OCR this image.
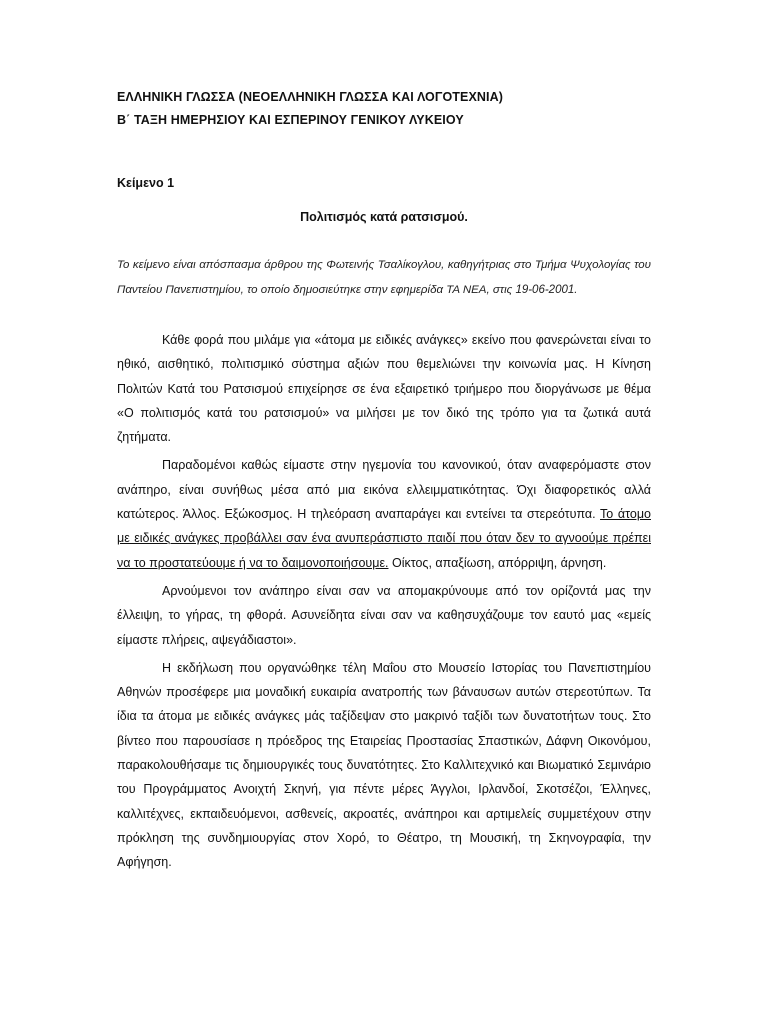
ΕΛΛΗΝΙΚΗ ΓΛΩΣΣΑ (ΝΕΟΕΛΛΗΝΙΚΗ ΓΛΩΣΣΑ ΚΑΙ ΛΟΓΟΤΕΧΝΙΑ)
Β΄ ΤΑΞΗ ΗΜΕΡΗΣΙΟΥ ΚΑΙ ΕΣΠΕΡΙΝΟΥ ΓΕΝΙΚΟΥ ΛΥΚΕΙΟΥ
Κείμενο 1
Πολιτισμός κατά ρατσισμού.

Το κείμενο είναι απόσπασμα άρθρου της Φωτεινής Τσαλίκογλου, καθηγήτριας στο Τμήμα Ψυχολογίας του Παντείου Πανεπιστημίου, το οποίο δημοσιεύτηκε στην εφημερίδα ΤΑ ΝΕΑ, στις 19-06-2001.

Κάθε φορά που μιλάμε για «άτομα με ειδικές ανάγκες» εκείνο που φανερώνεται είναι το ηθικό, αισθητικό, πολιτισμικό σύστημα αξιών που θεμελιώνει την κοινωνία μας. Η Κίνηση Πολιτών Κατά του Ρατσισμού επιχείρησε σε ένα εξαιρετικό τριήμερο που διοργάνωσε με θέμα «Ο πολιτισμός κατά του ρατσισμού» να μιλήσει με τον δικό της τρόπο για τα ζωτικά αυτά ζητήματα.

Παραδομένοι καθώς είμαστε στην ηγεμονία του κανονικού, όταν αναφερόμαστε στον ανάπηρο, είναι συνήθως μέσα από μια εικόνα ελλειμματικότητας. Όχι διαφορετικός αλλά κατώτερος. Άλλος. Εξώκοσμος. Η τηλεόραση αναπαράγει και εντείνει τα στερεότυπα. Το άτομο με ειδικές ανάγκες προβάλλει σαν ένα ανυπεράσπιστο παιδί που όταν δεν το αγνοούμε πρέπει να το προστατεύουμε ή να το δαιμονοποιήσουμε. Οίκτος, απαξίωση, απόρριψη, άρνηση.

Αρνούμενοι τον ανάπηρο είναι σαν να απομακρύνουμε από τον ορίζοντά μας την έλλειψη, το γήρας, τη φθορά. Ασυνείδητα είναι σαν να καθησυχάζουμε τον εαυτό μας «εμείς είμαστε πλήρεις, αψεγάδιαστοι».

Η εκδήλωση που οργανώθηκε τέλη Μαΐου στο Μουσείο Ιστορίας του Πανεπιστημίου Αθηνών προσέφερε μια μοναδική ευκαιρία ανατροπής των βάναυσων αυτών στερεοτύπων. Τα ίδια τα άτομα με ειδικές ανάγκες μάς ταξίδεψαν στο μακρινό ταξίδι των δυνατοτήτων τους. Στο βίντεο που παρουσίασε η πρόεδρος της Εταιρείας Προστασίας Σπαστικών, Δάφνη Οικονόμου, παρακολουθήσαμε τις δημιουργικές τους δυνατότητες. Στο Καλλιτεχνικό και Βιωματικό Σεμινάριο του Προγράμματος Ανοιχτή Σκηνή, για πέντε μέρες Άγγλοι, Ιρλανδοί, Σκοτσέζοι, Έλληνες, καλλιτέχνες, εκπαιδευόμενοι, ασθενείς, ακροατές, ανάπηροι και αρτιμελείς συμμετέχουν στην πρόκληση της συνδημιουργίας στον Χορό, το Θέατρο, τη Μουσική, τη Σκηνογραφία, την Αφήγηση.
